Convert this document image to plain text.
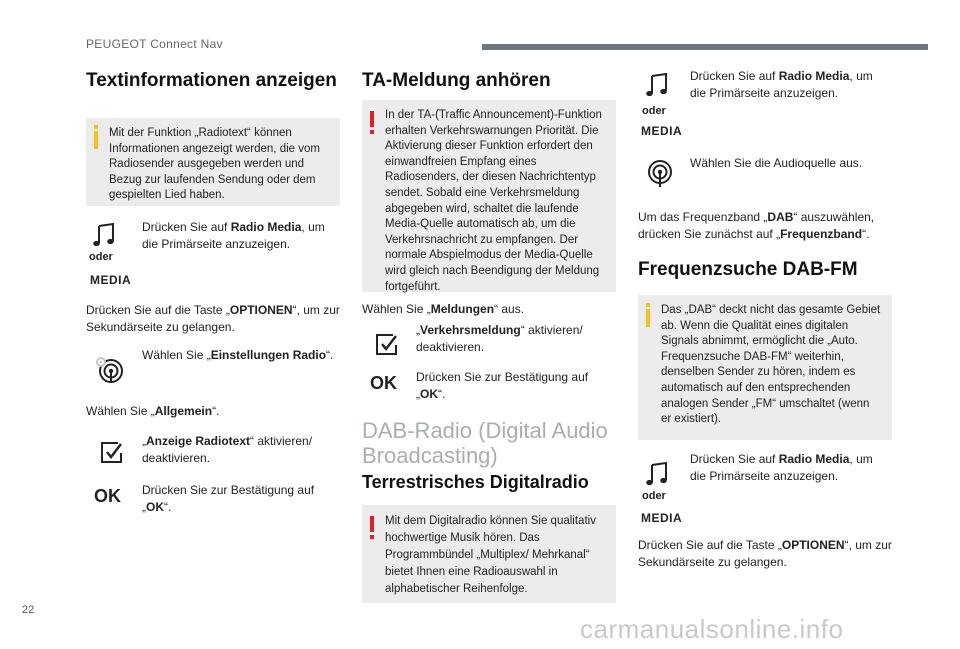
PEUGEOT Connect Nav
Textinformationen anzeigen
Mit der Funktion „Radiotext“ können Informationen angezeigt werden, die vom Radiosender ausgegeben werden und Bezug zur laufenden Sendung oder dem gespielten Lied haben.
oder
MEDIA
Drücken Sie auf Radio Media, um die Primärseite anzuzeigen.
Drücken Sie auf die Taste „OPTIONEN“, um zur Sekundärseite zu gelangen.
Wählen Sie „Einstellungen Radio“.
Wählen Sie „Allgemein“.
„Anzeige Radiotext“ aktivieren/ deaktivieren.
OK Drücken Sie zur Bestätigung auf „OK“.
TA-Meldung anhören
In der TA-(Traffic Announcement)-Funktion erhalten Verkehrswarnungen Priorität. Die Aktivierung dieser Funktion erfordert den einwandfreien Empfang eines Radiosenders, der diesen Nachrichtentyp sendet. Sobald eine Verkehrsmeldung abgegeben wird, schaltet die laufende Media-Quelle automatisch ab, um die Verkehrsnachricht zu empfangen. Der normale Abspielmodus der Media-Quelle wird gleich nach Beendigung der Meldung fortgeführt.
Wählen Sie „Meldungen“ aus.
„Verkehrsmeldung“ aktivieren/ deaktivieren.
OK Drücken Sie zur Bestätigung auf „OK“.
DAB-Radio (Digital Audio Broadcasting)
Terrestrisches Digitalradio
Mit dem Digitalradio können Sie qualitativ hochwertige Musik hören. Das Programmbündel „Multiplex/ Mehrkanal“ bietet Ihnen eine Radioauswahl in alphabetischer Reihenfolge.
oder
MEDIA
Drücken Sie auf Radio Media, um die Primärseite anzuzeigen.
Wählen Sie die Audioquelle aus.
Um das Frequenzband „DAB“ auszuwählen, drücken Sie zunächst auf „Frequenzband“.
Frequenzsuche DAB-FM
Das „DAB“ deckt nicht das gesamte Gebiet ab. Wenn die Qualität eines digitalen Signals abnimmt, ermöglicht die „Auto. Frequenzsuche DAB-FM“ weiterhin, denselben Sender zu hören, indem es automatisch auf den entsprechenden analogen Sender „FM“ umschaltet (wenn er existiert).
oder
MEDIA
Drücken Sie auf Radio Media, um die Primärseite anzuzeigen.
Drücken Sie auf die Taste „OPTIONEN“, um zur Sekundärseite zu gelangen.
22
carmanualsonline.info
